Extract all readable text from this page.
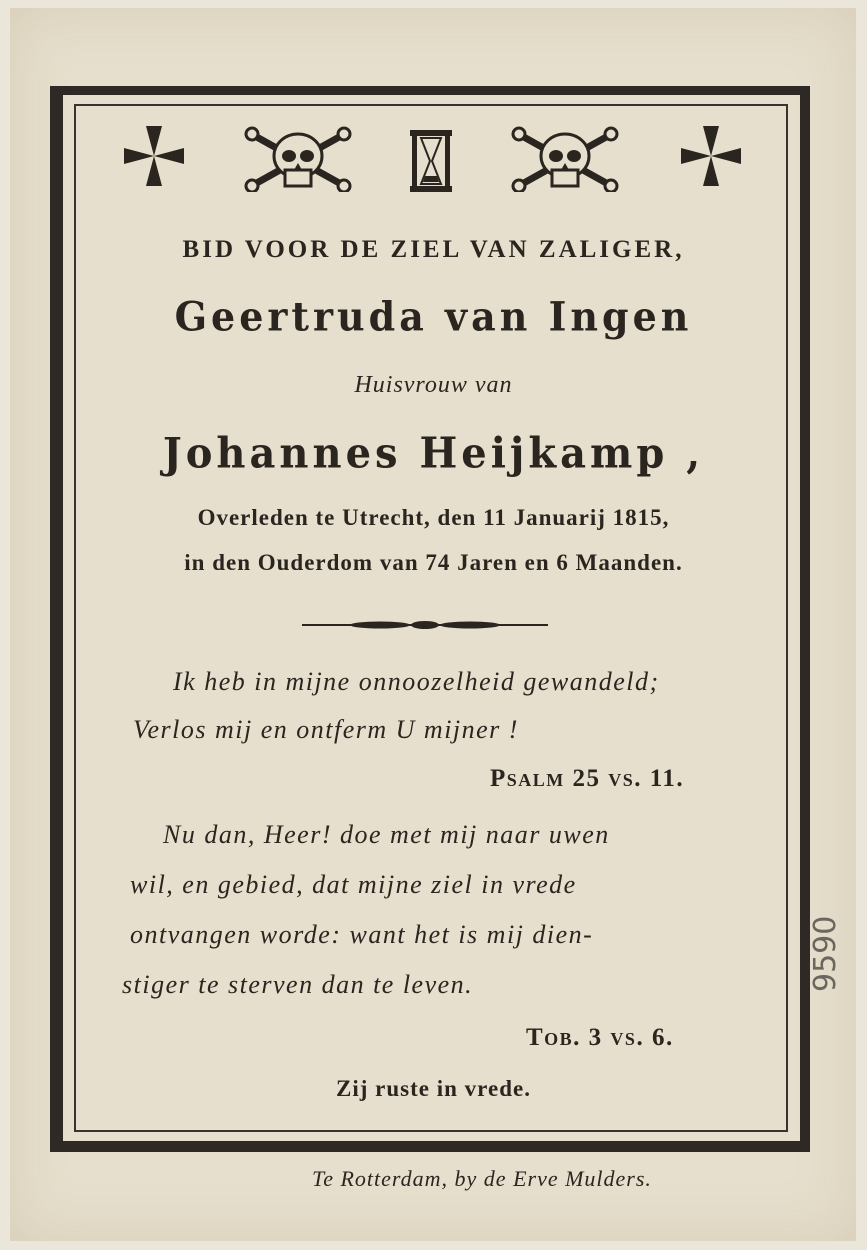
BID VOOR DE ZIEL VAN ZALIGER,
Geertruda van Ingen
Huisvrouw van
Johannes Heijkamp ,
Overleden te Utrecht, den 11 Januarij 1815,
in den Ouderdom van 74 Jaren en 6 Maanden.
Ik heb in mijne onnoozelheid gewandeld;
Verlos mij en ontferm U mijner !
Psalm 25 vs. 11.
Nu dan, Heer! doe met mij naar uwen
wil, en gebied, dat mijne ziel in vrede
ontvangen worde: want het is mij dien-
stiger te sterven dan te leven.
Tob. 3 vs. 6.
Zij ruste in vrede.
Te Rotterdam, by de Erve Mulders.
9590
